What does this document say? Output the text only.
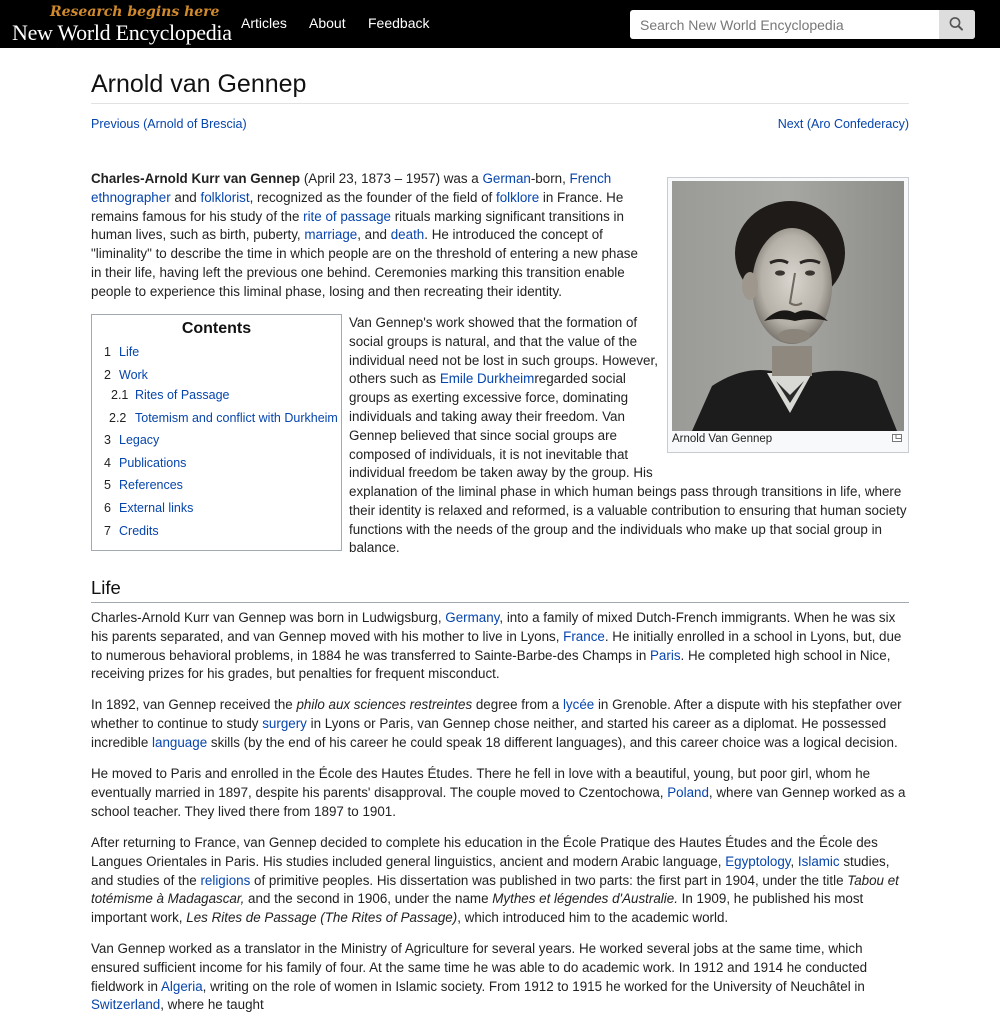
Research begins here
New World Encyclopedia Articles About Feedback
Search New World Encyclopedia
Arnold van Gennep
Previous (Arnold of Brescia)	Next (Aro Confederacy)
Arnold Van Gennep

Charles-Arnold Kurr van Gennep (April 23, 1873 – 1957) was a German-born, French ethnographer and folklorist, recognized as the founder of the field of folklore in France. He remains famous for his study of the rite of passage rituals marking significant transitions in human lives, such as birth, puberty, marriage, and death. He introduced the concept of "liminality" to describe the time in which people are on the threshold of entering a new phase in their life, having left the previous one behind. Ceremonies marking this transition enable people to experience this liminal phase, losing and then recreating their identity.

Contents
1 Life
2 Work
2.1 Rites of Passage
2.2 Totemism and conflict with Durkheim
3 Legacy
4 Publications
5 References
6 External links
7 Credits

Van Gennep's work showed that the formation of social groups is natural, and that the value of the individual need not be lost in such groups. However, others such as Emile Durkheimregarded social groups as exerting excessive force, dominating individuals and taking away their freedom. Van Gennep believed that since social groups are composed of individuals, it is not inevitable that individual freedom be taken away by the group. His

Life

Charles-Arnold Kurr van Gennep was born in Ludwigsburg, Germany, into a family of mixed Dutch-French immigrants. When he was six his parents separated, and van Gennep moved with his mother to live in Lyons, France. He initially enrolled in a school in Lyons, but, due to numerous behavioral problems, in 1884 he was transferred to Sainte-Barbe-des Champs in Paris. He completed high school in Nice, receiving prizes for his grades, but penalties for frequent misconduct.

In 1892, van Gennep received the philo aux sciences restreintes degree from a lycée in Grenoble. After a dispute with his stepfather over whether to continue to study surgery in Lyons or Paris, van Gennep chose neither, and started his career as a diplomat. He possessed incredible language skills (by the end of his career he could speak 18 different languages), and this career choice was a logical decision.

He moved to Paris and enrolled in the École des Hautes Études. There he fell in love with a beautiful, young, but poor girl, whom he eventually married in 1897, despite his parents' disapproval. The couple moved to Czentochowa, Poland, where van Gennep worked as a school teacher. They lived there from 1897 to 1901.

After returning to France, van Gennep decided to complete his education in the École Pratique des Hautes Études and the École des Langues Orientales in Paris. His studies included general linguistics, ancient and modern Arabic language, Egyptology, Islamic studies, and studies of the religions of primitive peoples. His dissertation was published in two parts: the first part in 1904, under the title Tabou et totémisme à Madagascar, and the second in 1906, under the name Mythes et légendes d'Australie. In 1909, he published his most important work, Les Rites de Passage (The Rites of Passage), which introduced him to the academic world.

Van Gennep worked as a translator in the Ministry of Agriculture for several years. He worked several jobs at the same time, which ensured sufficient income for his family of four. At the same time he was able to do academic work. In 1912 and 1914 he conducted fieldwork in Algeria, writing on the role of women in Islamic society. From 1912 to 1915 he worked for the University of Neuchâtel in Switzerland, where he taught

explanation of the liminal phase in which human beings pass through transitions in life, where their identity is relaxed and reformed, is a valuable contribution to ensuring that human society functions with the needs of the group and the individuals who make up that social group in balance.
